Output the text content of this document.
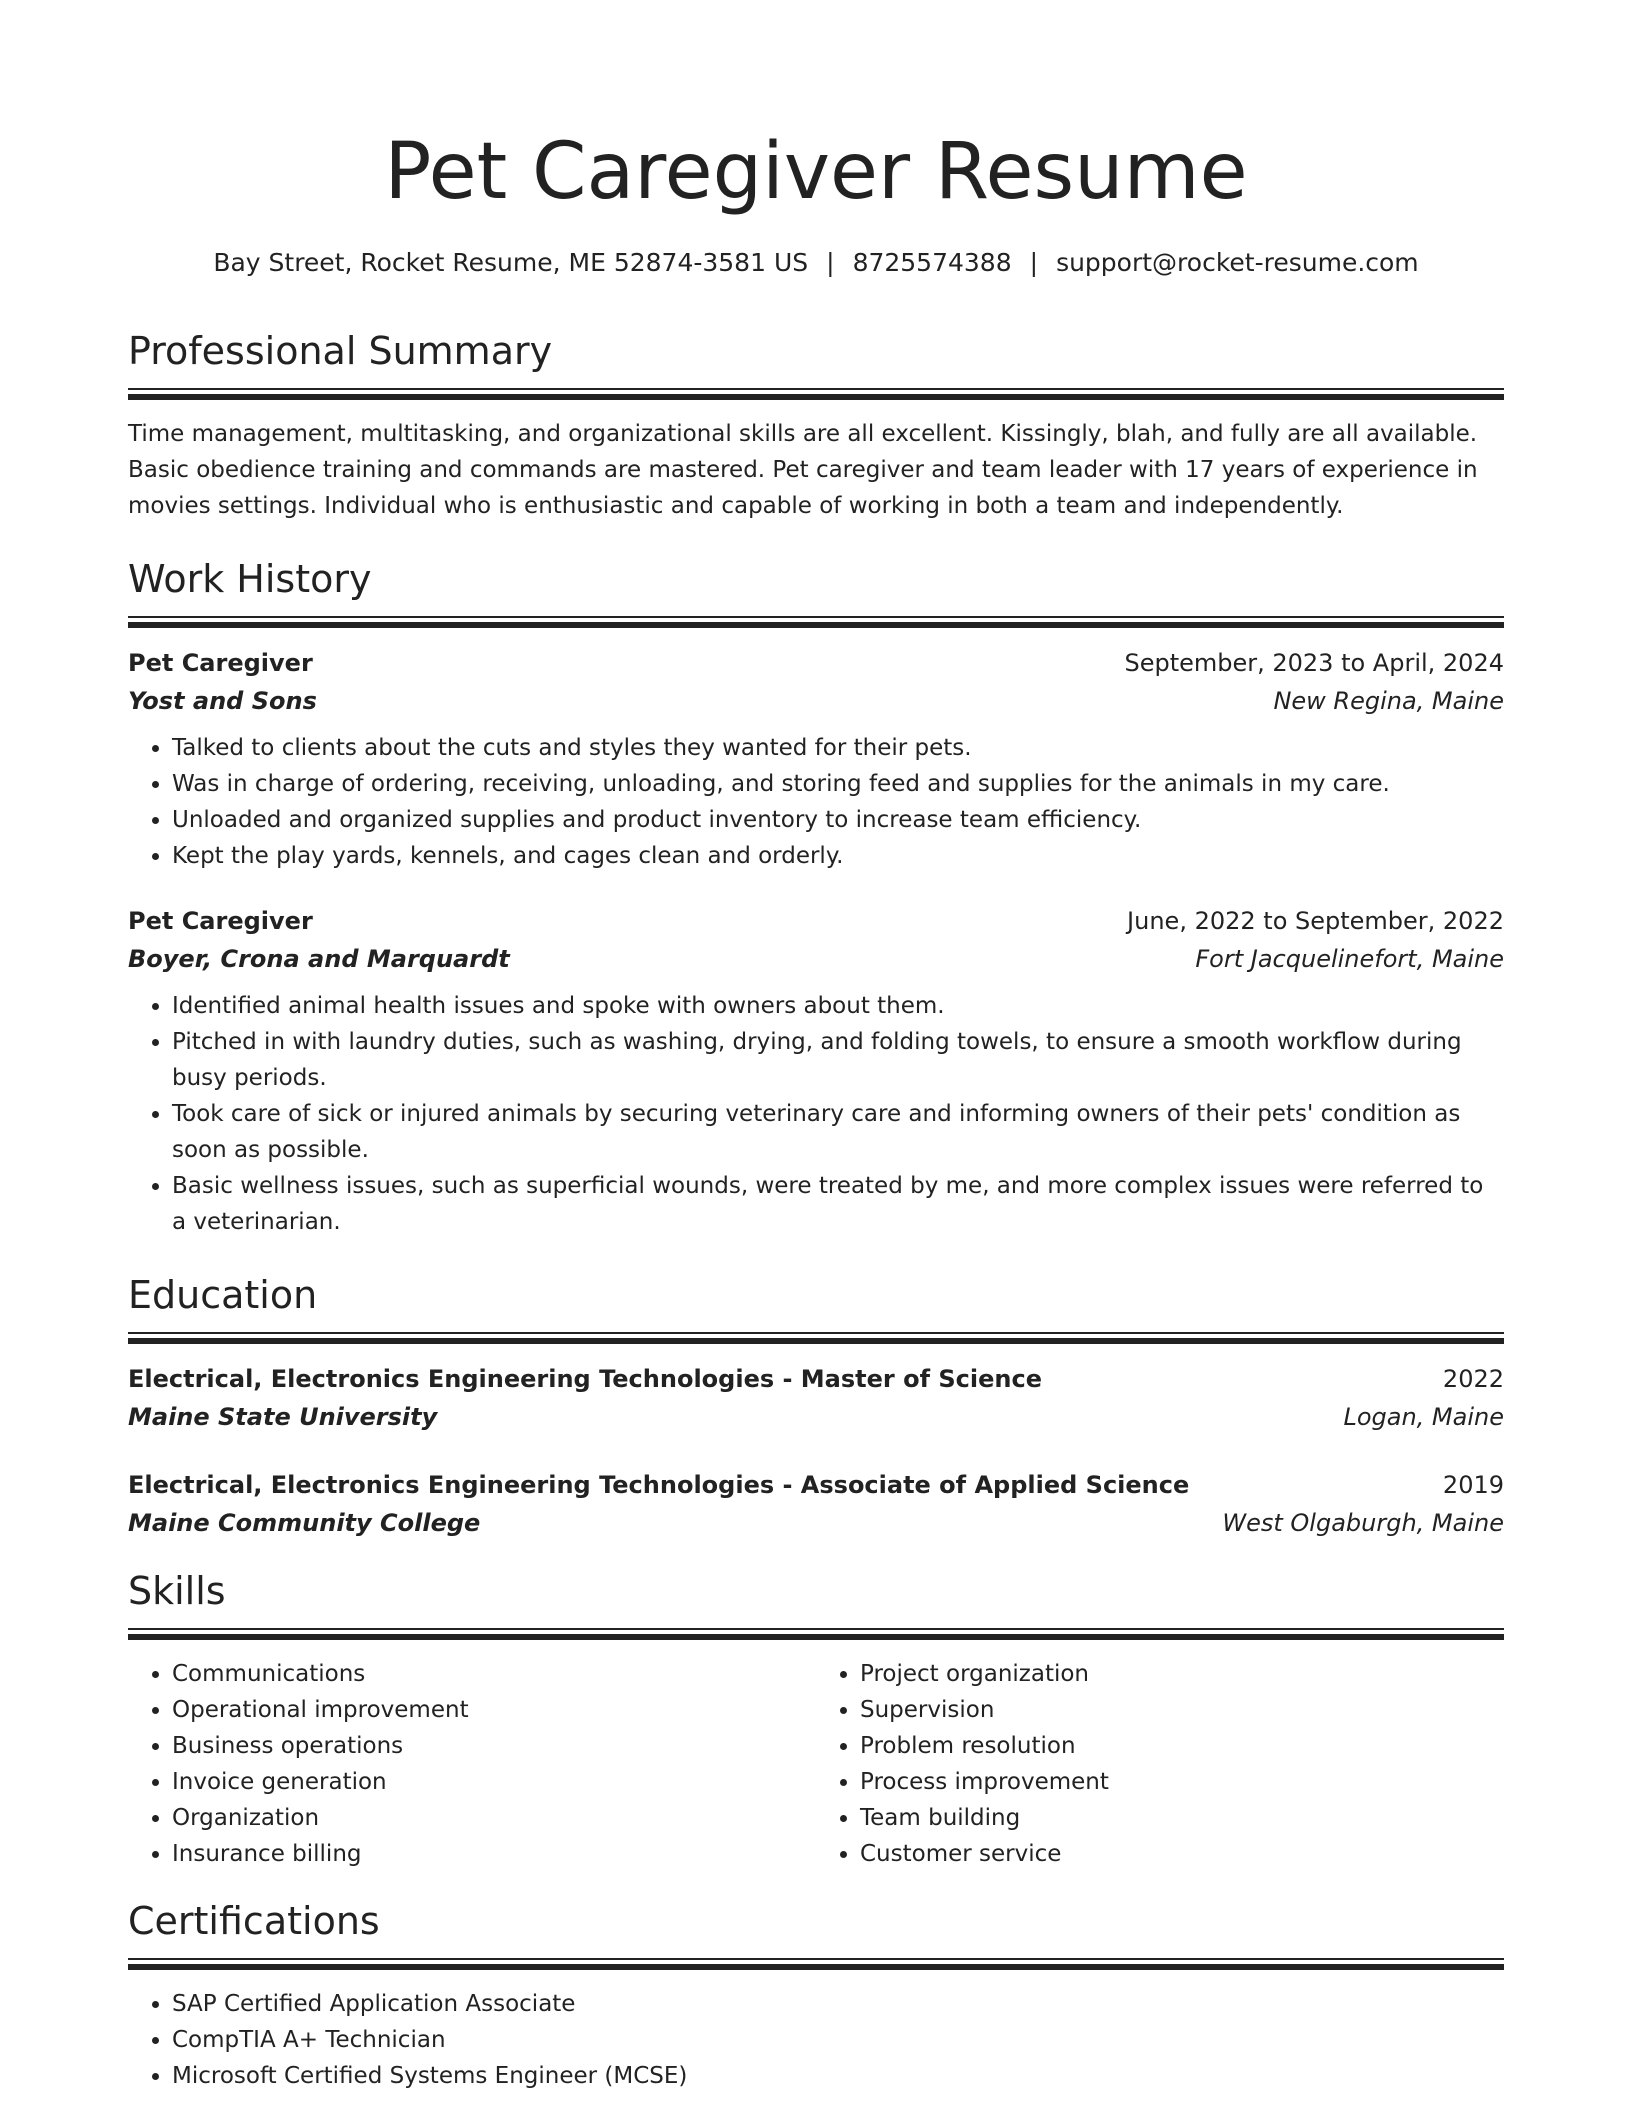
Pet Caregiver Resume
Bay Street, Rocket Resume, ME 52874-3581 US | 8725574388 | support@rocket-resume.com
Professional Summary

Time management, multitasking, and organizational skills are all excellent. Kissingly, blah, and fully are all available. Basic obedience training and commands are mastered. Pet caregiver and team leader with 17 years of experience in movies settings. Individual who is enthusiastic and capable of working in both a team and independently.

Work History
Pet Caregiver	September, 2023 to April, 2024
Yost and Sons	New Regina, Maine
• Talked to clients about the cuts and styles they wanted for their pets.
• Was in charge of ordering, receiving, unloading, and storing feed and supplies for the animals in my care.
• Unloaded and organized supplies and product inventory to increase team efficiency.
• Kept the play yards, kennels, and cages clean and orderly.
Pet Caregiver	June, 2022 to September, 2022
Boyer, Crona and Marquardt	Fort Jacquelinefort, Maine
• Identified animal health issues and spoke with owners about them.
• Pitched in with laundry duties, such as washing, drying, and folding towels, to ensure a smooth workflow during busy periods.
• Took care of sick or injured animals by securing veterinary care and informing owners of their pets' condition as soon as possible.
• Basic wellness issues, such as superficial wounds, were treated by me, and more complex issues were referred to a veterinarian.
Education
Electrical, Electronics Engineering Technologies - Master of Science	2022
Maine State University	Logan, Maine
Electrical, Electronics Engineering Technologies - Associate of Applied Science	2019
Maine Community College	West Olgaburgh, Maine
Skills
• Communications
• Operational improvement
• Business operations
• Invoice generation
• Organization
• Insurance billing
• Project organization
• Supervision
• Problem resolution
• Process improvement
• Team building
• Customer service
Certifications
• SAP Certified Application Associate
• CompTIA A+ Technician
• Microsoft Certified Systems Engineer (MCSE)
